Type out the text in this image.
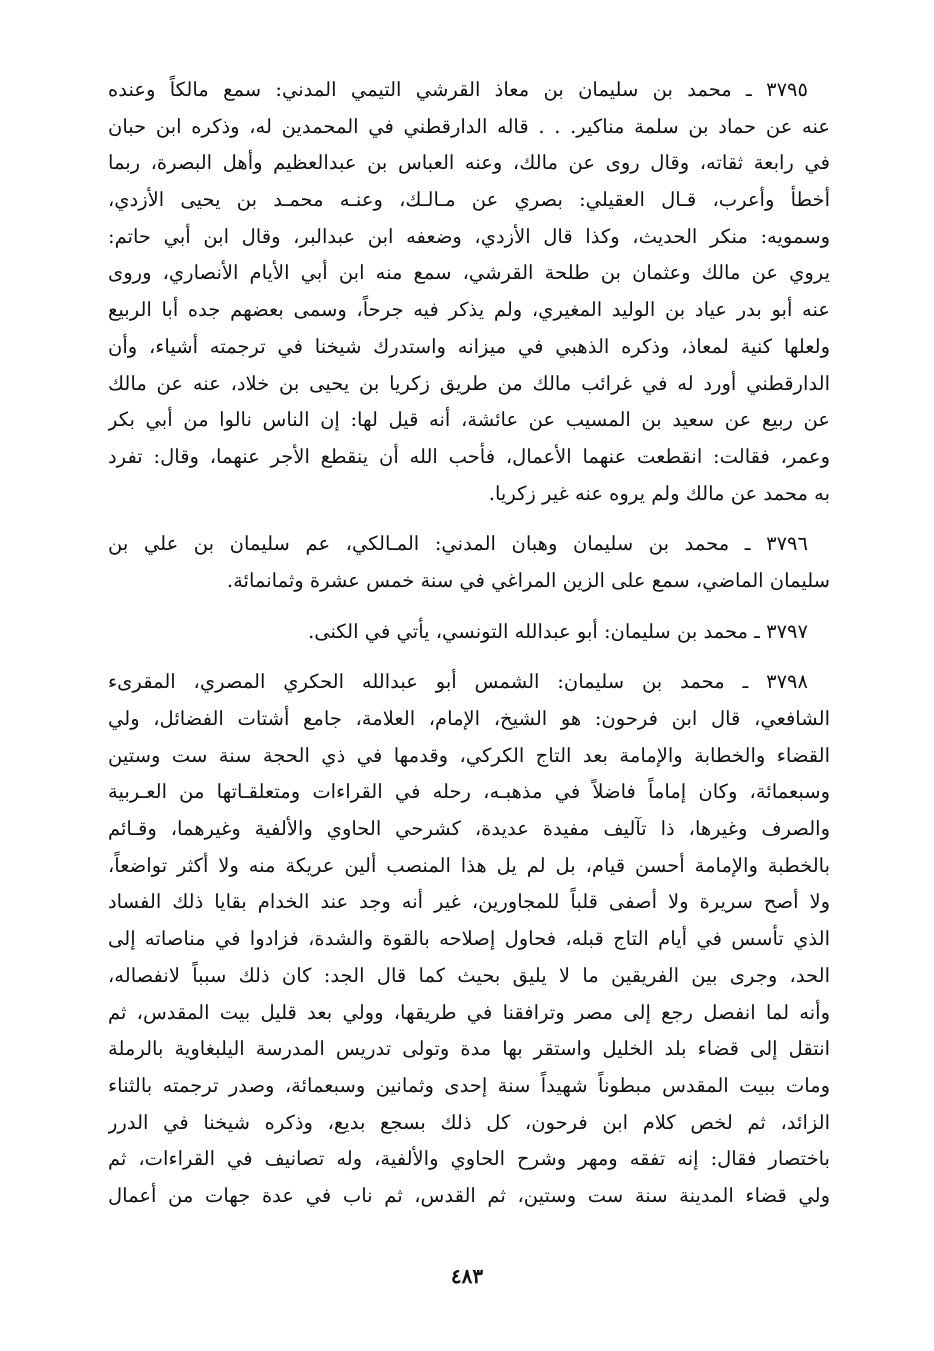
٣٧٩٥ ـ محمد بن سليمان بن معاذ القرشي التيمي المدني: سمع مالكاً وعنده
عنه عن حماد بن سلمة مناكير. . . قاله الدارقطني في المحمدين له، وذكره ابن حبان
في رابعة ثقاته، وقال روى عن مالك، وعنه العباس بن عبدالعظيم وأهل البصرة، ربما
أخطأ وأعرب، قـال العقيلي: بصري عن مـالـك، وعنـه محمـد بن يحيى الأزدي،
وسمويه: منكر الحديث، وكذا قال الأزدي، وضعفه ابن عبدالبر، وقال ابن أبي حاتم:
يروي عن مالك وعثمان بن طلحة القرشي، سمع منه ابن أبي الأيام الأنصاري، وروى
عنه أبو بدر عياد بن الوليد المغيري، ولم يذكر فيه جرحاً، وسمى بعضهم جده أبا الربيع
ولعلها كنية لمعاذ، وذكره الذهبي في ميزانه واستدرك شيخنا في ترجمته أشياء، وأن
الدارقطني أورد له في غرائب مالك من طريق زكريا بن يحيى بن خلاد، عنه عن مالك
عن ربيع عن سعيد بن المسيب عن عائشة، أنه قيل لها: إن الناس نالوا من أبي بكر
وعمر، فقالت: انقطعت عنهما الأعمال، فأحب الله أن ينقطع الأجر عنهما، وقال: تفرد
به محمد عن مالك ولم يروه عنه غير زكريا.
٣٧٩٦ ـ محمد بن سليمان وهبان المدني: المـالكي، عم سليمان بن علي بن
سليمان الماضي، سمع على الزين المراغي في سنة خمس عشرة وثمانمائة.
٣٧٩٧ ـ محمد بن سليمان: أبو عبدالله التونسي، يأتي في الكنى.
٣٧٩٨ ـ محمد بن سليمان: الشمس أبو عبدالله الحكري المصري، المقرىء
الشافعي، قال ابن فرحون: هو الشيخ، الإمام، العلامة، جامع أشتات الفضائل، ولي
القضاء والخطابة والإمامة بعد التاج الكركي، وقدمها في ذي الحجة سنة ست وستين
وسبعمائة، وكان إماماً فاضلاً في مذهبـه، رحله في القراءات ومتعلقـاتها من العـربية
والصرف وغيرها، ذا تآليف مفيدة عديدة، كشرحي الحاوي والألفية وغيرهما، وقـائم
بالخطبة والإمامة أحسن قيام، بل لم يل هذا المنصب ألين عريكة منه ولا أكثر تواضعاً،
ولا أصح سريرة ولا أصفى قلباً للمجاورين، غير أنه وجد عند الخدام بقايا ذلك الفساد
الذي تأسس في أيام التاج قبله، فحاول إصلاحه بالقوة والشدة، فزادوا في مناصاته إلى
الحد، وجرى بين الفريقين ما لا يليق بحيث كما قال الجد: كان ذلك سبباً لانفصاله،
وأنه لما انفصل رجع إلى مصر وترافقنا في طريقها، وولي بعد قليل بيت المقدس، ثم
انتقل إلى قضاء بلد الخليل واستقر بها مدة وتولى تدريس المدرسة اليلبغاوية بالرملة
ومات ببيت المقدس مبطوناً شهيداً سنة إحدى وثمانين وسبعمائة، وصدر ترجمته بالثناء
الزائد، ثم لخص كلام ابن فرحون، كل ذلك بسجع بديع، وذكره شيخنا في الدرر
باختصار فقال: إنه تفقه ومهر وشرح الحاوي والألفية، وله تصانيف في القراءات، ثم
ولي قضاء المدينة سنة ست وستين، ثم القدس، ثم ناب في عدة جهات من أعمال
٤٨٣
